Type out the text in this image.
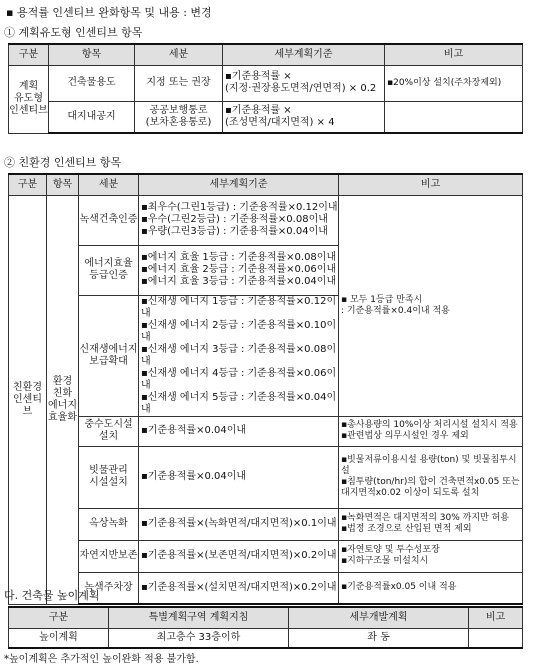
▪ 용적률 인센티브 완화항목 및 내용 : 변경
① 계획유도형 인센티브 항목
구분	항목	세분	세부계획기준	비고
계획
유도형
인센티브	건축물용도	지정 또는 권장	▪기준용적률 ×
(지정·권장용도면적/연면적) × 0.2	▪20%이상 설치(주차장제외)
	대지내공지	공공보행통로
(보차혼용통로)	▪기준용적률 ×
(조성면적/대지면적) × 4	
② 친환경 인센티브 항목
구분	항목	세분	세부계획기준	비고
친환경
인센티
브	환경
친화
에너지
효율화	녹색건축인증	▪최우수(그린1등급) : 기준용적률×0.12이내
▪우수(그린2등급) : 기준용적률×0.08이내
▪우량(그린3등급) : 기준용적률×0.04이내	▪ 모두 1등급 만족시
: 기준용적률×0.4이내 적용
		에너지효율
등급인증	▪에너지 효율 1등급 : 기준용적률×0.08이내
▪에너지 효율 2등급 : 기준용적률×0.06이내
▪에너지 효율 3등급 : 기준용적률×0.04이내	
		신재생에너지
보급확대	▪신재생 에너지 1등급 : 기준용적률×0.12이내
▪신재생 에너지 2등급 : 기준용적률×0.10이내
▪신재생 에너지 3등급 : 기준용적률×0.08이내
▪신재생 에너지 4등급 : 기준용적률×0.06이내
▪신재생 에너지 5등급 : 기준용적률×0.04이내	
		중수도시설
설치	▪기준용적률×0.04이내	▪총사용량의 10%이상 처리시설 설치시 적용
▪관련법상 의무시설인 경우 제외
		빗물관리
시설설치	▪기준용적률×0.04이내	▪빗물저류이용시설 용량(ton) 및 빗물침투시설
▪침투량(ton/hr)의 합이 건축면적x0.05 또는 대지면적x0.02 이상이 되도록 설치
		옥상녹화	▪기준용적률×(녹화면적/대지면적)×0.1이내	▪녹화면적은 대지면적의 30% 까지만 허용
▪법정 조경으로 산입된 면적 제외
		자연지반보존	▪기준용적률×(보존면적/대지면적)×0.2이내	▪자연토양 및 투수성포장
▪지하구조물 미설치시
		녹색주차장	▪기준용적률×(설치면적/대지면적)×0.2이내	▪기준용적률x0.05 이내 적용
다. 건축물 높이계획
구분	특별계획구역 계획지침	세부개발계획	비고
높이계획	최고층수 33층이하	좌 동	
*높이계획은 추가적인 높이완화 적용 불가함.
